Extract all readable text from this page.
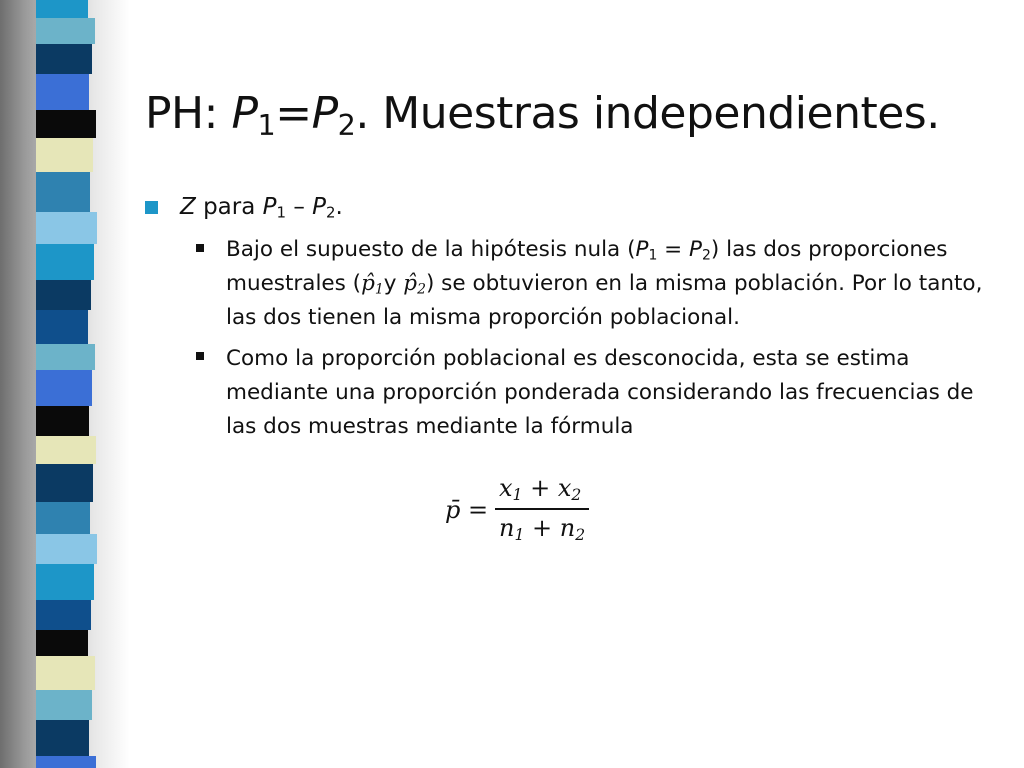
PH: $P_1=P_2$. Muestras independientes.
Z para $P_1 - P_2$.
Bajo el supuesto de la hipótesis nula $(P_1 = P_2)$ las dos proporciones muestrales ($p̂_1y$ $p̂_2$) se obtuvieron en la misma población. Por lo tanto, las dos tienen la misma proporción poblacional.
Como la proporción poblacional es desconocida, esta se estima mediante una proporción ponderada considerando las frecuencias de las dos muestras mediante la fórmula
p̄ =
$x_1 + x_2$
$n_1 + n_2$
